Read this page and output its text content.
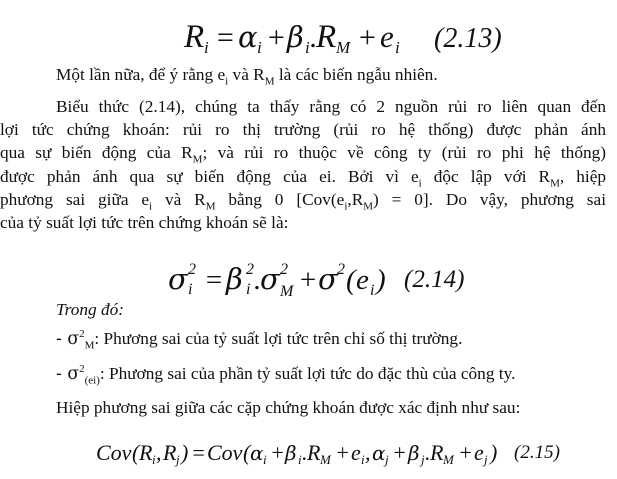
R i = α i + β i .
R M + e i (2.13)
Một lần nữa, để ý rằng $e_i$ và $R_M$ là các biến ngẫu nhiên.
Biểu thức (2.14), chúng ta thấy rằng có 2 nguồn rủi ro liên quan đến
lợi tức chứng khoán: rủi ro thị trường (rủi ro hệ thống) được phản ánh
qua sự biến động của $R_M$; và rủi ro thuộc về công ty (rủi ro phi hệ thống)
được phản ánh qua sự biến động của ei. Bởi vì $e_i$ độc lập với $R_M$, hiệp
phương sai giữa $e_i$ và $R_M$ bằng 0 $[Cov(e_i,R_M) = 0]$. Do vậy, phương sai
của tỷ suất lợi tức trên chứng khoán sẽ là:
σ i
2 = β i
2 .
σ M
2 + σ 2 ( e i ) (2.14)
Trong đó:
- $\sigma^2_M$: Phương sai của tỷ suất lợi tức trên chỉ số thị trường.
- $\sigma^2_{(ei)}$: Phương sai của phần tỷ suất lợi tức do đặc thù của công ty.
Hiệp phương sai giữa các cặp chứng khoán được xác định như sau:
Cov ( R i , R j ) = Cov ( α i + β i . R M + e i , α j + β j . R M + e j ) (2.15)
